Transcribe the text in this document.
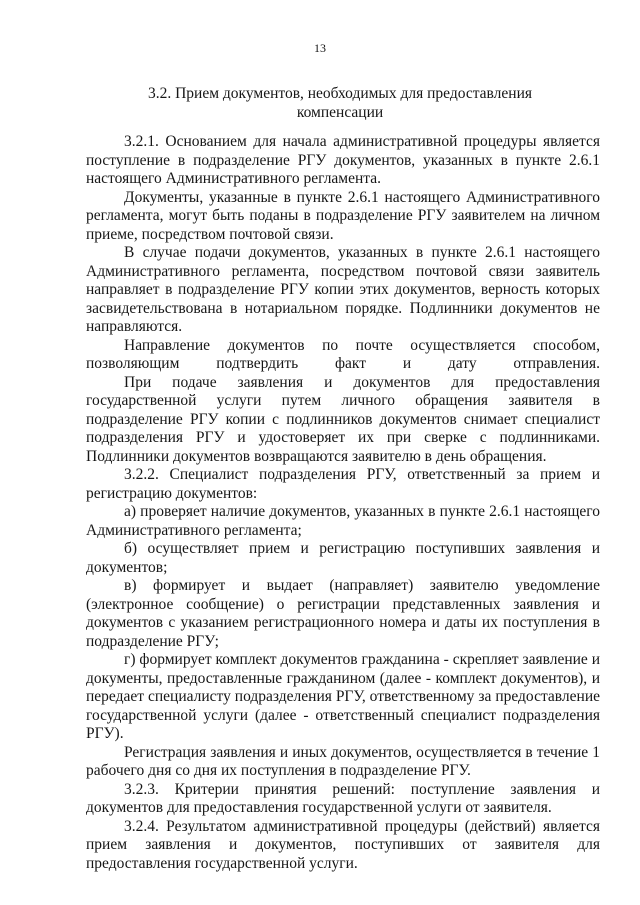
13
3.2. Прием документов, необходимых для предоставления компенсации

3.2.1. Основанием для начала административной процедуры является поступление в подразделение РГУ документов, указанных в пункте 2.6.1 настоящего Административного регламента.

Документы, указанные в пункте 2.6.1 настоящего Административного регламента, могут быть поданы в подразделение РГУ заявителем на личном приеме, посредством почтовой связи.

В случае подачи документов, указанных в пункте 2.6.1 настоящего Административного регламента, посредством почтовой связи заявитель направляет в подразделение РГУ копии этих документов, верность которых засвидетельствована в нотариальном порядке. Подлинники документов не направляются.

Направление документов по почте осуществляется способом, позволяющим подтвердить факт и дату отправления.

При подаче заявления и документов для предоставления государственной услуги путем личного обращения заявителя в подразделение РГУ копии с подлинников документов снимает специалист подразделения РГУ и удостоверяет их при сверке с подлинниками. Подлинники документов возвращаются заявителю в день обращения.

3.2.2. Специалист подразделения РГУ, ответственный за прием и регистрацию документов:

а) проверяет наличие документов, указанных в пункте 2.6.1 настоящего Административного регламента;

б) осуществляет прием и регистрацию поступивших заявления и документов;

в) формирует и выдает (направляет) заявителю уведомление (электронное сообщение) о регистрации представленных заявления и документов с указанием регистрационного номера и даты их поступления в подразделение РГУ;

г) формирует комплект документов гражданина - скрепляет заявление и документы, предоставленные гражданином (далее - комплект документов), и передает специалисту подразделения РГУ, ответственному за предоставление государственной услуги (далее - ответственный специалист подразделения РГУ).

Регистрация заявления и иных документов, осуществляется в течение 1 рабочего дня со дня их поступления в подразделение РГУ.

3.2.3. Критерии принятия решений: поступление заявления и документов для предоставления государственной услуги от заявителя.

3.2.4. Результатом административной процедуры (действий) является прием заявления и документов, поступивших от заявителя для предоставления государственной услуги.
